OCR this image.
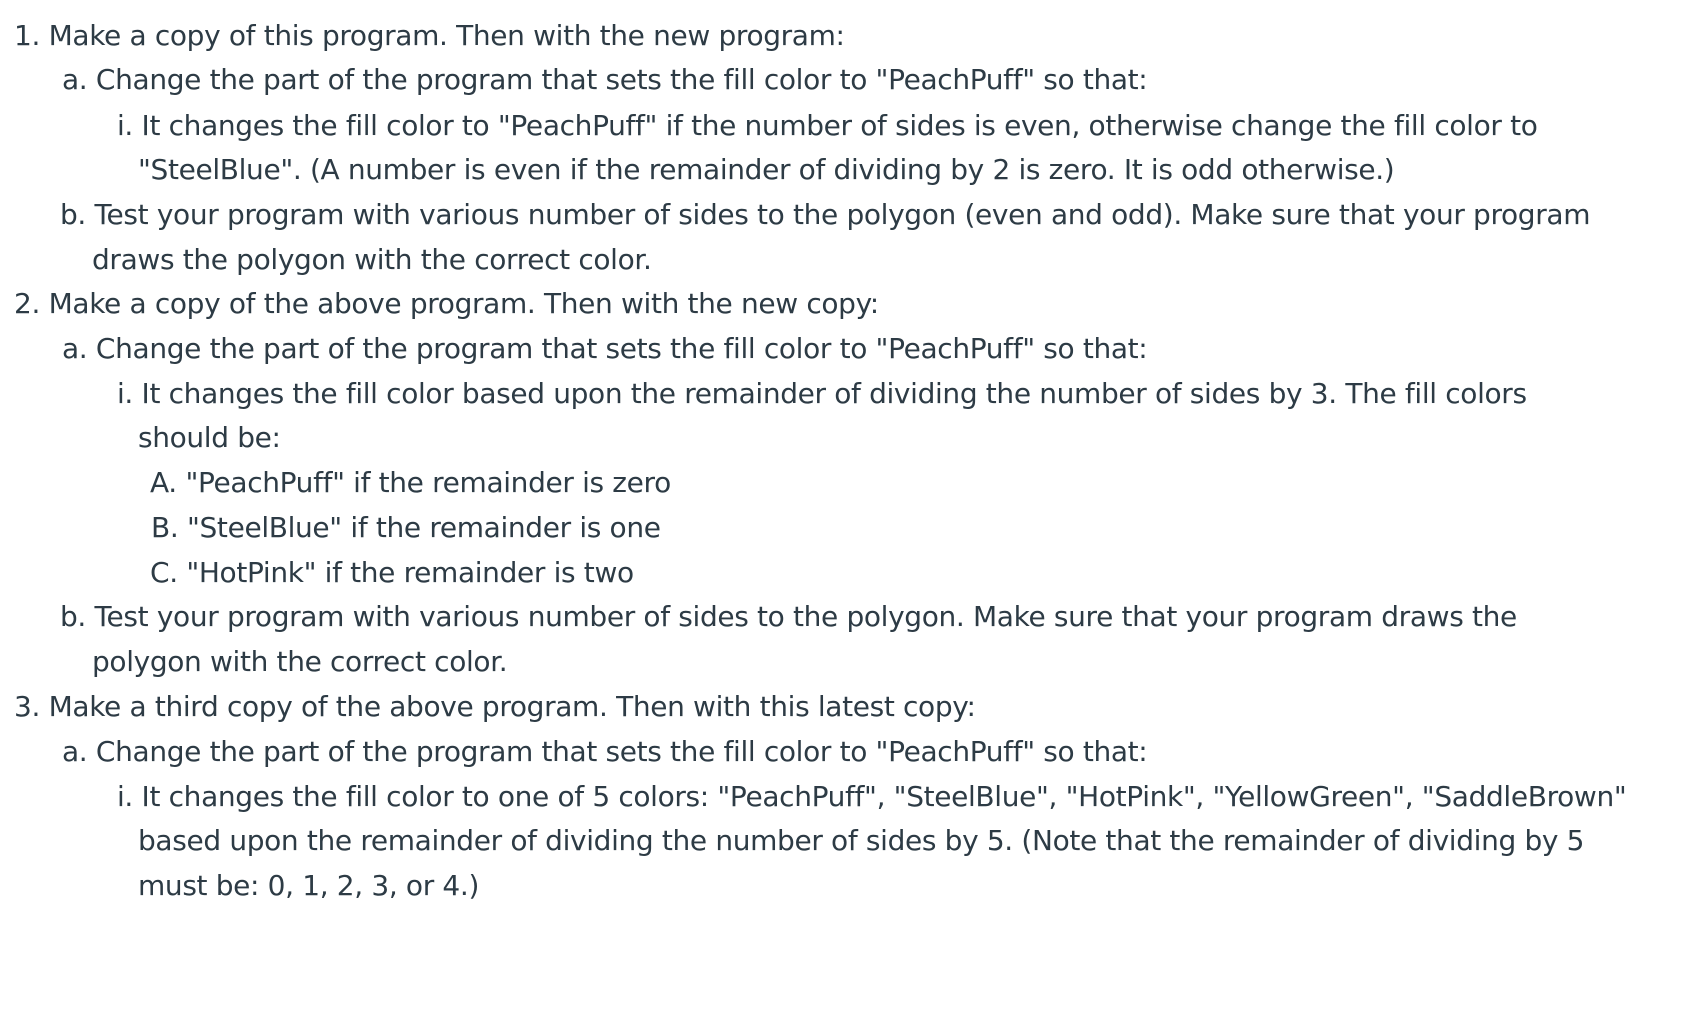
1. Make a copy of this program. Then with the new program:
a. Change the part of the program that sets the fill color to "PeachPuff" so that:
i. It changes the fill color to "PeachPuff" if the number of sides is even, otherwise change the fill color to
"SteelBlue". (A number is even if the remainder of dividing by 2 is zero. It is odd otherwise.)
b. Test your program with various number of sides to the polygon (even and odd). Make sure that your program
draws the polygon with the correct color.
2. Make a copy of the above program. Then with the new copy:
a. Change the part of the program that sets the fill color to "PeachPuff" so that:
i. It changes the fill color based upon the remainder of dividing the number of sides by 3. The fill colors
should be:
A. "PeachPuff" if the remainder is zero
B. "SteelBlue" if the remainder is one
C. "HotPink" if the remainder is two
b. Test your program with various number of sides to the polygon. Make sure that your program draws the
polygon with the correct color.
3. Make a third copy of the above program. Then with this latest copy:
a. Change the part of the program that sets the fill color to "PeachPuff" so that:
i. It changes the fill color to one of 5 colors: "PeachPuff", "SteelBlue", "HotPink", "YellowGreen", "SaddleBrown"
based upon the remainder of dividing the number of sides by 5. (Note that the remainder of dividing by 5
must be: 0, 1, 2, 3, or 4.)
